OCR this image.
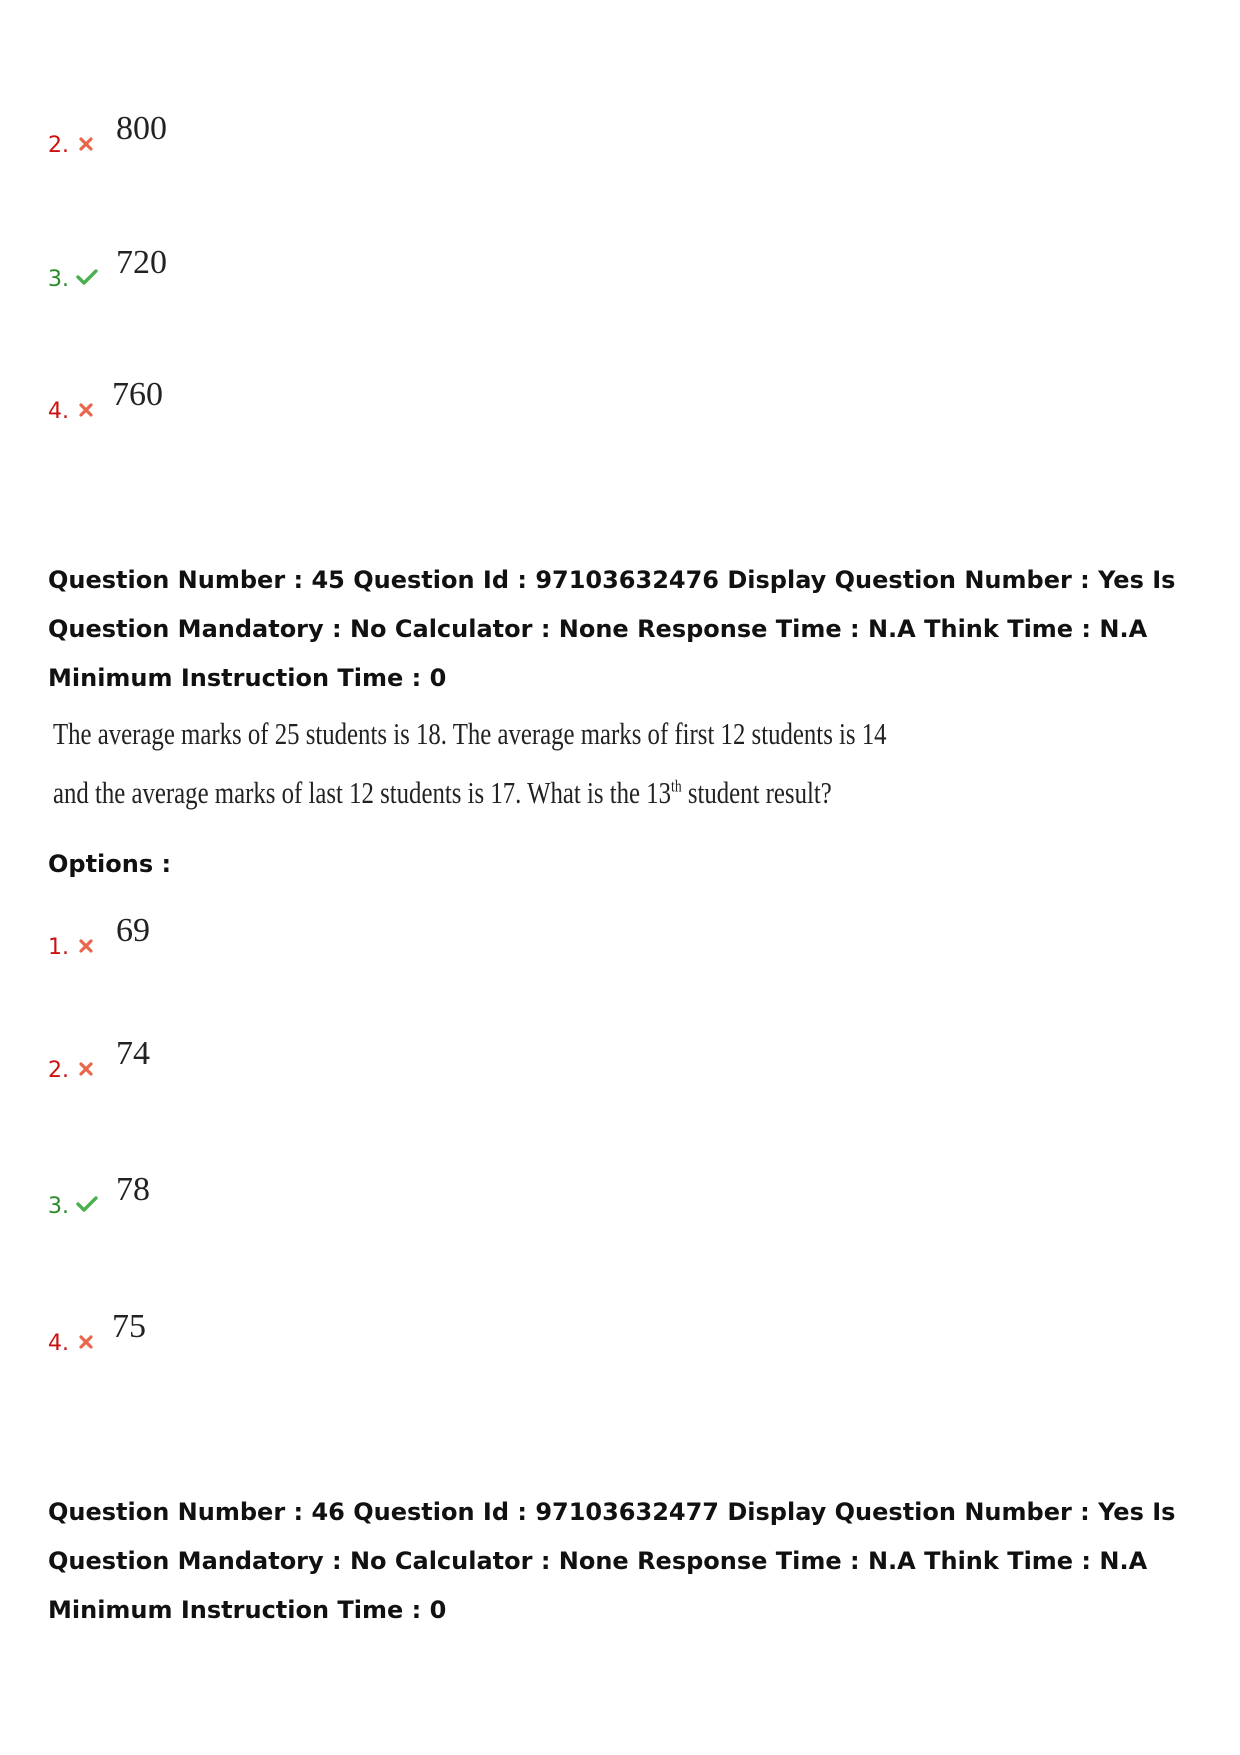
2. 800
3. 720
4. 760
Question Number : 45 Question Id : 97103632476 Display Question Number : Yes Is Question Mandatory : No Calculator : None Response Time : N.A Think Time : N.A Minimum Instruction Time : 0
The average marks of 25 students is 18. The average marks of first 12 students is 14
and the average marks of last 12 students is 17. What is the 13th student result?
Options :
1. 69
2. 74
3. 78
4. 75
Question Number : 46 Question Id : 97103632477 Display Question Number : Yes Is Question Mandatory : No Calculator : None Response Time : N.A Think Time : N.A Minimum Instruction Time : 0
